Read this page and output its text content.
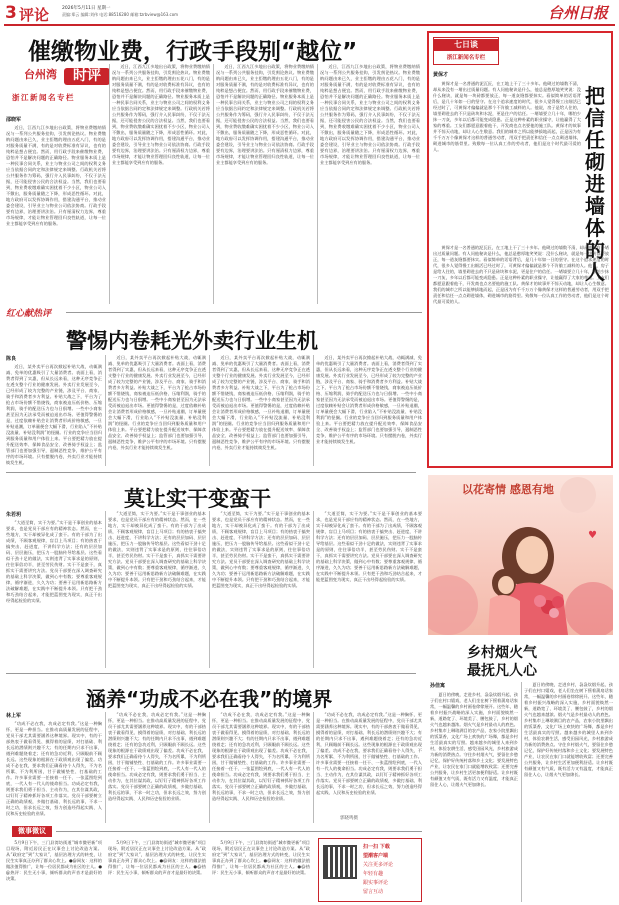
3 评论	2026年5月11日 星期一
责编:郑云 编辑:刘伟 电话:88516280 邮箱:tzrbview@163.com	台州日报
催缴物业费，行政手段别“越位”
台州湾	时评
浙江新闻名专栏
邵晓军

近日，江西九江多地出台政策，将物业费缴纳情况与一系列公共服务挂钩，引发舆论热议。物业费缴纳问题由来已久，业主拒缴的理由五花八门，有的是对服务质量不满，有的是对收费标准有异议，也有的纯粹是想占便宜。然而，用行政手段来催缴物业费，恐怕并不是解决问题的正确路径。物业服务本质上是一种民事合同关系，业主与物业公司之间的权利义务应当依据合同约定和法律规定来调整。行政机关若将公共服务作为筹码，强行介入民事纠纷，不仅于法无据，还可能侵害公民的合法权益。当然，我们也要看到，物业费收缴难确实困扰着不少小区，物业公司入不敷出，服务质量随之下降，形成恶性循环。对此，地方政府可以发挥协调作用，搭建沟通平台，推动业委会建设，引导业主与物业公司依法协商。行政手段要有边界，治理要讲法治。只有厘清权力边界，尊重市场规律，才能让物业管理回归良性轨道，让每一位业主都能享受到应有的服务。

近日，江西九江多地出台政策，将物业费缴纳情况与一系列公共服务挂钩，引发舆论热议。物业费缴纳问题由来已久，业主拒缴的理由五花八门，有的是对服务质量不满，有的是对收费标准有异议，也有的纯粹是想占便宜。然而，用行政手段来催缴物业费，恐怕并不是解决问题的正确路径。物业服务本质上是一种民事合同关系，业主与物业公司之间的权利义务应当依据合同约定和法律规定来调整。行政机关若将公共服务作为筹码，强行介入民事纠纷，不仅于法无据，还可能侵害公民的合法权益。当然，我们也要看到，物业费收缴难确实困扰着不少小区，物业公司入不敷出，服务质量随之下降，形成恶性循环。对此，地方政府可以发挥协调作用，搭建沟通平台，推动业委会建设，引导业主与物业公司依法协商。行政手段要有边界，治理要讲法治。只有厘清权力边界，尊重市场规律，才能让物业管理回归良性轨道，让每一位业主都能享受到应有的服务。

近日，江西九江多地出台政策，将物业费缴纳情况与一系列公共服务挂钩，引发舆论热议。物业费缴纳问题由来已久，业主拒缴的理由五花八门，有的是对服务质量不满，有的是对收费标准有异议，也有的纯粹是想占便宜。然而，用行政手段来催缴物业费，恐怕并不是解决问题的正确路径。物业服务本质上是一种民事合同关系，业主与物业公司之间的权利义务应当依据合同约定和法律规定来调整。行政机关若将公共服务作为筹码，强行介入民事纠纷，不仅于法无据，还可能侵害公民的合法权益。当然，我们也要看到，物业费收缴难确实困扰着不少小区，物业公司入不敷出，服务质量随之下降，形成恶性循环。对此，地方政府可以发挥协调作用，搭建沟通平台，推动业委会建设，引导业主与物业公司依法协商。行政手段要有边界，治理要讲法治。只有厘清权力边界，尊重市场规律，才能让物业管理回归良性轨道，让每一位业主都能享受到应有的服务。

近日，江西九江多地出台政策，将物业费缴纳情况与一系列公共服务挂钩，引发舆论热议。物业费缴纳问题由来已久，业主拒缴的理由五花八门，有的是对服务质量不满，有的是对收费标准有异议，也有的纯粹是想占便宜。然而，用行政手段来催缴物业费，恐怕并不是解决问题的正确路径。物业服务本质上是一种民事合同关系，业主与物业公司之间的权利义务应当依据合同约定和法律规定来调整。行政机关若将公共服务作为筹码，强行介入民事纠纷，不仅于法无据，还可能侵害公民的合法权益。当然，我们也要看到，物业费收缴难确实困扰着不少小区，物业公司入不敷出，服务质量随之下降，形成恶性循环。对此，地方政府可以发挥协调作用，搭建沟通平台，推动业委会建设，引导业主与物业公司依法协商。行政手段要有边界，治理要讲法治。只有厘清权力边界，尊重市场规律，才能让物业管理回归良性轨道，让每一位业主都能享受到应有的服务。

七日谈
浙江新闻名专栏
黄保才
把信任砌进墙体的人

黄保才是一名普通的泥瓦匠，在工地上干了三十多年。他砌过的墙数不清，却从来没有一堵出过质量问题。有人问他秘诀是什么，他总是憨厚地笑笑说：没什么秘诀，就是每一块砖都要放正，每一道灰缝都要抹实。看似简单的话语背后，是几十年如一日的坚守。在这个追求速度的时代，很多人觉得慢工出细活已经过时了，可黄保才偏偏就是那个不肯偷工减料的人。他说，房子是给人住的，墙里砌进去的不只是砖块和水泥，更是住户的信任。一堵墙要立几十年，哪怕少抹一刀灰，多年以后都可能变成隐患。正是这种朴素的职业操守，让他赢得了大家的尊重。工友们都愿意跟着他干，开发商也点名要他的施工队。黄保才的故事并不惊天动地，却让人心生敬意。我们的城市之所以能够拔地而起，正是因为有千千万万个像黄保才这样的普通劳动者，用双手把责任和信任一点点砌进墙体，砌进城市的筋骨里。致敬每一位认真工作的劳动者，他们是这个时代最可爱的人。

黄保才是一名普通的泥瓦匠，在工地上干了三十多年。他砌过的墙数不清，却从来没有一堵出过质量问题。有人问他秘诀是什么，他总是憨厚地笑笑说：没什么秘诀，就是每一块砖都要放正，每一道灰缝都要抹实。看似简单的话语背后，是几十年如一日的坚守。在这个追求速度的时代，很多人觉得慢工出细活已经过时了，可黄保才偏偏就是那个不肯偷工减料的人。他说，房子是给人住的，墙里砌进去的不只是砖块和水泥，更是住户的信任。一堵墙要立几十年，哪怕少抹一刀灰，多年以后都可能变成隐患。正是这种朴素的职业操守，让他赢得了大家的尊重。工友们都愿意跟着他干，开发商也点名要他的施工队。黄保才的故事并不惊天动地，却让人心生敬意。我们的城市之所以能够拔地而起，正是因为有千千万万个像黄保才这样的普通劳动者，用双手把责任和信任一点点砌进墙体，砌进城市的筋骨里。致敬每一位认真工作的劳动者，他们是这个时代最可爱的人。

红心献热评
警惕内卷耗光外卖行业生机
陈良

近日，某外卖平台再次掀起补贴大战，动辄满减、免单的优惠吸引了大量消费者。表面上看，消费者得到了实惠，但从长远来看，这种无序竞争正在透支整个行业的健康发展。外卖行业发展至今，已经形成了较为完整的产业链，涉及平台、商家、骑手和消费者多方利益。补贴大战之下，平台为了抢占市场份额不惜烧钱，商家被迫压低价格、压缩利润，骑手的配送压力也与日俱增。一些中小商家甚至因为无法承受而被迫退出市场。更值得警惕的是，过度依赖补贴会让消费者形成价格敏感，一旦补贴退潮，订单量便会大幅下滑，行业陷入“不补贴没流量、补贴没利润”的怪圈。行业的竞争应当回归到服务质量和用户体验上来。平台要把精力放在提升配送效率、保障食品安全、改善骑手权益上；监管部门也要加强引导，遏制恶性竞争，维护公平有序的市场环境。只有摆脱内卷，外卖行业才能持续焕发生机。

近日，某外卖平台再次掀起补贴大战，动辄满减、免单的优惠吸引了大量消费者。表面上看，消费者得到了实惠，但从长远来看，这种无序竞争正在透支整个行业的健康发展。外卖行业发展至今，已经形成了较为完整的产业链，涉及平台、商家、骑手和消费者多方利益。补贴大战之下，平台为了抢占市场份额不惜烧钱，商家被迫压低价格、压缩利润，骑手的配送压力也与日俱增。一些中小商家甚至因为无法承受而被迫退出市场。更值得警惕的是，过度依赖补贴会让消费者形成价格敏感，一旦补贴退潮，订单量便会大幅下滑，行业陷入“不补贴没流量、补贴没利润”的怪圈。行业的竞争应当回归到服务质量和用户体验上来。平台要把精力放在提升配送效率、保障食品安全、改善骑手权益上；监管部门也要加强引导，遏制恶性竞争，维护公平有序的市场环境。只有摆脱内卷，外卖行业才能持续焕发生机。

近日，某外卖平台再次掀起补贴大战，动辄满减、免单的优惠吸引了大量消费者。表面上看，消费者得到了实惠，但从长远来看，这种无序竞争正在透支整个行业的健康发展。外卖行业发展至今，已经形成了较为完整的产业链，涉及平台、商家、骑手和消费者多方利益。补贴大战之下，平台为了抢占市场份额不惜烧钱，商家被迫压低价格、压缩利润，骑手的配送压力也与日俱增。一些中小商家甚至因为无法承受而被迫退出市场。更值得警惕的是，过度依赖补贴会让消费者形成价格敏感，一旦补贴退潮，订单量便会大幅下滑，行业陷入“不补贴没流量、补贴没利润”的怪圈。行业的竞争应当回归到服务质量和用户体验上来。平台要把精力放在提升配送效率、保障食品安全、改善骑手权益上；监管部门也要加强引导，遏制恶性竞争，维护公平有序的市场环境。只有摆脱内卷，外卖行业才能持续焕发生机。

近日，某外卖平台再次掀起补贴大战，动辄满减、免单的优惠吸引了大量消费者。表面上看，消费者得到了实惠，但从长远来看，这种无序竞争正在透支整个行业的健康发展。外卖行业发展至今，已经形成了较为完整的产业链，涉及平台、商家、骑手和消费者多方利益。补贴大战之下，平台为了抢占市场份额不惜烧钱，商家被迫压低价格、压缩利润，骑手的配送压力也与日俱增。一些中小商家甚至因为无法承受而被迫退出市场。更值得警惕的是，过度依赖补贴会让消费者形成价格敏感，一旦补贴退潮，订单量便会大幅下滑，行业陷入“不补贴没流量、补贴没利润”的怪圈。行业的竞争应当回归到服务质量和用户体验上来。平台要把精力放在提升配送效率、保障食品安全、改善骑手权益上；监管部门也要加强引导，遏制恶性竞争，维护公平有序的市场环境。只有摆脱内卷，外卖行业才能持续焕发生机。

莫让实干变蛮干
朱若玥

“大道至简，实干为要。”实干是干事创业的基本要求，也是党员干部应有的精神状态。然而，在一些地方，实干却被异化成了蛮干。有的干部为了出成绩，不顾客观规律，盲目上马项目；有的热衷于搞突击、赶进度，不讲科学方法；还有的层层加码、层层施压，把压力一股脑传导给基层。这些看似干劲十足的做法，实则违背了实事求是的原则，往往事倍功半，甚至劳民伤财。实干不是蛮干，真抓实干需要讲究方法。党员干部要在深入调查研究的基础上科学决策，做到心中有数；要尊重客观规律，循序渐进，久久为功；要善于运用新思路新方法破解难题，在实践中不断提升本领。只有把干劲和巧劲结合起来，才能把蓝图变为现实，真正干出经得起检验的实绩。

“大道至简，实干为要。”实干是干事创业的基本要求，也是党员干部应有的精神状态。然而，在一些地方，实干却被异化成了蛮干。有的干部为了出成绩，不顾客观规律，盲目上马项目；有的热衷于搞突击、赶进度，不讲科学方法；还有的层层加码、层层施压，把压力一股脑传导给基层。这些看似干劲十足的做法，实则违背了实事求是的原则，往往事倍功半，甚至劳民伤财。实干不是蛮干，真抓实干需要讲究方法。党员干部要在深入调查研究的基础上科学决策，做到心中有数；要尊重客观规律，循序渐进，久久为功；要善于运用新思路新方法破解难题，在实践中不断提升本领。只有把干劲和巧劲结合起来，才能把蓝图变为现实，真正干出经得起检验的实绩。

“大道至简，实干为要。”实干是干事创业的基本要求，也是党员干部应有的精神状态。然而，在一些地方，实干却被异化成了蛮干。有的干部为了出成绩，不顾客观规律，盲目上马项目；有的热衷于搞突击、赶进度，不讲科学方法；还有的层层加码、层层施压，把压力一股脑传导给基层。这些看似干劲十足的做法，实则违背了实事求是的原则，往往事倍功半，甚至劳民伤财。实干不是蛮干，真抓实干需要讲究方法。党员干部要在深入调查研究的基础上科学决策，做到心中有数；要尊重客观规律，循序渐进，久久为功；要善于运用新思路新方法破解难题，在实践中不断提升本领。只有把干劲和巧劲结合起来，才能把蓝图变为现实，真正干出经得起检验的实绩。

“大道至简，实干为要。”实干是干事创业的基本要求，也是党员干部应有的精神状态。然而，在一些地方，实干却被异化成了蛮干。有的干部为了出成绩，不顾客观规律，盲目上马项目；有的热衷于搞突击、赶进度，不讲科学方法；还有的层层加码、层层施压，把压力一股脑传导给基层。这些看似干劲十足的做法，实则违背了实事求是的原则，往往事倍功半，甚至劳民伤财。实干不是蛮干，真抓实干需要讲究方法。党员干部要在深入调查研究的基础上科学决策，做到心中有数；要尊重客观规律，循序渐进，久久为功；要善于运用新思路新方法破解难题，在实践中不断提升本领。只有把干劲和巧劲结合起来，才能把蓝图变为现实，真正干出经得起检验的实绩。

以花寄情 感恩有地
♥
乡村烟火气
最抚凡人心
孙佳寓

夏日的傍晚，走进乡村，袅袅炊烟升起，孩子们在村口嬉戏，老人们坐在树下摇着蒲扇话家常，一幅温馨的乡村画卷徐徐展开。这些年，随着乡村振兴战略的深入实施，乡村面貌焕然一新，道路宽了、环境美了、腰包鼓了，乡村的烟火气也越来越浓。烟火气是乡村最动人的底色。乡村集市上琳琅满目的农产品，农家小院里飘出的饭菜香，文化广场上欢快的广场舞，都是乡村生活最真实的写照。越来越多的城里人来到乡村，体验农耕生活，感受田园风光，乡村旅游成为新的消费热点。守住乡村烟火气，要留住乡愁记忆，保护好传统村落和乡土文化；要发展特色产业，让农民在家门口就能增收致富；还要完善公共服务，让乡村生活更加便利舒适。让乡村既有颜值又有气质，既有活力又有温度，才能真正留住人心，让烟火气更加绵长。

夏日的傍晚，走进乡村，袅袅炊烟升起，孩子们在村口嬉戏，老人们坐在树下摇着蒲扇话家常，一幅温馨的乡村画卷徐徐展开。这些年，随着乡村振兴战略的深入实施，乡村面貌焕然一新，道路宽了、环境美了、腰包鼓了，乡村的烟火气也越来越浓。烟火气是乡村最动人的底色。乡村集市上琳琅满目的农产品，农家小院里飘出的饭菜香，文化广场上欢快的广场舞，都是乡村生活最真实的写照。越来越多的城里人来到乡村，体验农耕生活，感受田园风光，乡村旅游成为新的消费热点。守住乡村烟火气，要留住乡愁记忆，保护好传统村落和乡土文化；要发展特色产业，让农民在家门口就能增收致富；还要完善公共服务，让乡村生活更加便利舒适。让乡村既有颜值又有气质，既有活力又有温度，才能真正留住人心，让烟火气更加绵长。

涵养“功成不必在我”的境界
林上军

“功成不必在我，功成必定有我。”这是一种胸怀，更是一种担当。在推动高质量发展的征程中，党员干部尤其需要涵养这种境界。现实中，有的干部热衷于做看得见、摸得着的显绩，对打基础、利长远的潜绩则兴趣不大；有的任期内只求不出事，遇到难题绕着走；还有的急功近利，只顾眼前不顾长远。这些现象的根源在于政绩观出现了偏差。功成不必在我，要求我们正确看待个人得失，不为名所累、不为利所困，甘于做铺垫性、打基础的工作。许多事业需要一任接着一任干、一张蓝图绘到底，一代人有一代人的使命担当。功成必定有我，则要求我们勇于担当、主动作为，在其位谋其政，以钉钉子精神抓好各项工作落实。党员干部要树立正确的政绩观，多做打基础、利长远的事，不求一时之功，但求长远之效，努力创造经得起实践、人民和历史检验的业绩。

“功成不必在我，功成必定有我。”这是一种胸怀，更是一种担当。在推动高质量发展的征程中，党员干部尤其需要涵养这种境界。现实中，有的干部热衷于做看得见、摸得着的显绩，对打基础、利长远的潜绩则兴趣不大；有的任期内只求不出事，遇到难题绕着走；还有的急功近利，只顾眼前不顾长远。这些现象的根源在于政绩观出现了偏差。功成不必在我，要求我们正确看待个人得失，不为名所累、不为利所困，甘于做铺垫性、打基础的工作。许多事业需要一任接着一任干、一张蓝图绘到底，一代人有一代人的使命担当。功成必定有我，则要求我们勇于担当、主动作为，在其位谋其政，以钉钉子精神抓好各项工作落实。党员干部要树立正确的政绩观，多做打基础、利长远的事，不求一时之功，但求长远之效，努力创造经得起实践、人民和历史检验的业绩。

“功成不必在我，功成必定有我。”这是一种胸怀，更是一种担当。在推动高质量发展的征程中，党员干部尤其需要涵养这种境界。现实中，有的干部热衷于做看得见、摸得着的显绩，对打基础、利长远的潜绩则兴趣不大；有的任期内只求不出事，遇到难题绕着走；还有的急功近利，只顾眼前不顾长远。这些现象的根源在于政绩观出现了偏差。功成不必在我，要求我们正确看待个人得失，不为名所累、不为利所困，甘于做铺垫性、打基础的工作。许多事业需要一任接着一任干、一张蓝图绘到底，一代人有一代人的使命担当。功成必定有我，则要求我们勇于担当、主动作为，在其位谋其政，以钉钉子精神抓好各项工作落实。党员干部要树立正确的政绩观，多做打基础、利长远的事，不求一时之功，但求长远之效，努力创造经得起实践、人民和历史检验的业绩。

“功成不必在我，功成必定有我。”这是一种胸怀，更是一种担当。在推动高质量发展的征程中，党员干部尤其需要涵养这种境界。现实中，有的干部热衷于做看得见、摸得着的显绩，对打基础、利长远的潜绩则兴趣不大；有的任期内只求不出事，遇到难题绕着走；还有的急功近利，只顾眼前不顾长远。这些现象的根源在于政绩观出现了偏差。功成不必在我，要求我们正确看待个人得失，不为名所累、不为利所困，甘于做铺垫性、打基础的工作。许多事业需要一任接着一任干、一张蓝图绘到底，一代人有一代人的使命担当。功成必定有我，则要求我们勇于担当、主动作为，在其位谋其政，以钉钉子精神抓好各项工作落实。党员干部要树立正确的政绩观，多做打基础、利长远的事，不求一时之功，但求长远之效，努力创造经得起实践、人民和历史检验的业绩。

微事微议
郭晓鸣摄

5月9日下午，三门县湾坊街道“城市微更新”项目现场，附近居民正在议事会上讨论改造方案。从“政府定”到“大家议”，基层治理方式的转变，让民生实事真正办到了群众心坎上。●@网友：这样的做法值得推广，让每一位居民都成为社区的主人。●@热评：民生无小事，倾听群众的声音才是最好的决策。

5月9日下午，三门县湾坊街道“城市微更新”项目现场，附近居民正在议事会上讨论改造方案。从“政府定”到“大家议”，基层治理方式的转变，让民生实事真正办到了群众心坎上。●@网友：这样的做法值得推广，让每一位居民都成为社区的主人。●@热评：民生无小事，倾听群众的声音才是最好的决策。

5月9日下午，三门县湾坊街道“城市微更新”项目现场，附近居民正在议事会上讨论改造方案。从“政府定”到“大家议”，基层治理方式的转变，让民生实事真正办到了群众心坎上。●@网友：这样的做法值得推广，让每一位居民都成为社区的主人。●@热评：民生无小事，倾听群众的声音才是最好的决策。

扫一扫 下载
望潮客户端
关注更多评论
年轻有趣
跟实事评论
留言互动
